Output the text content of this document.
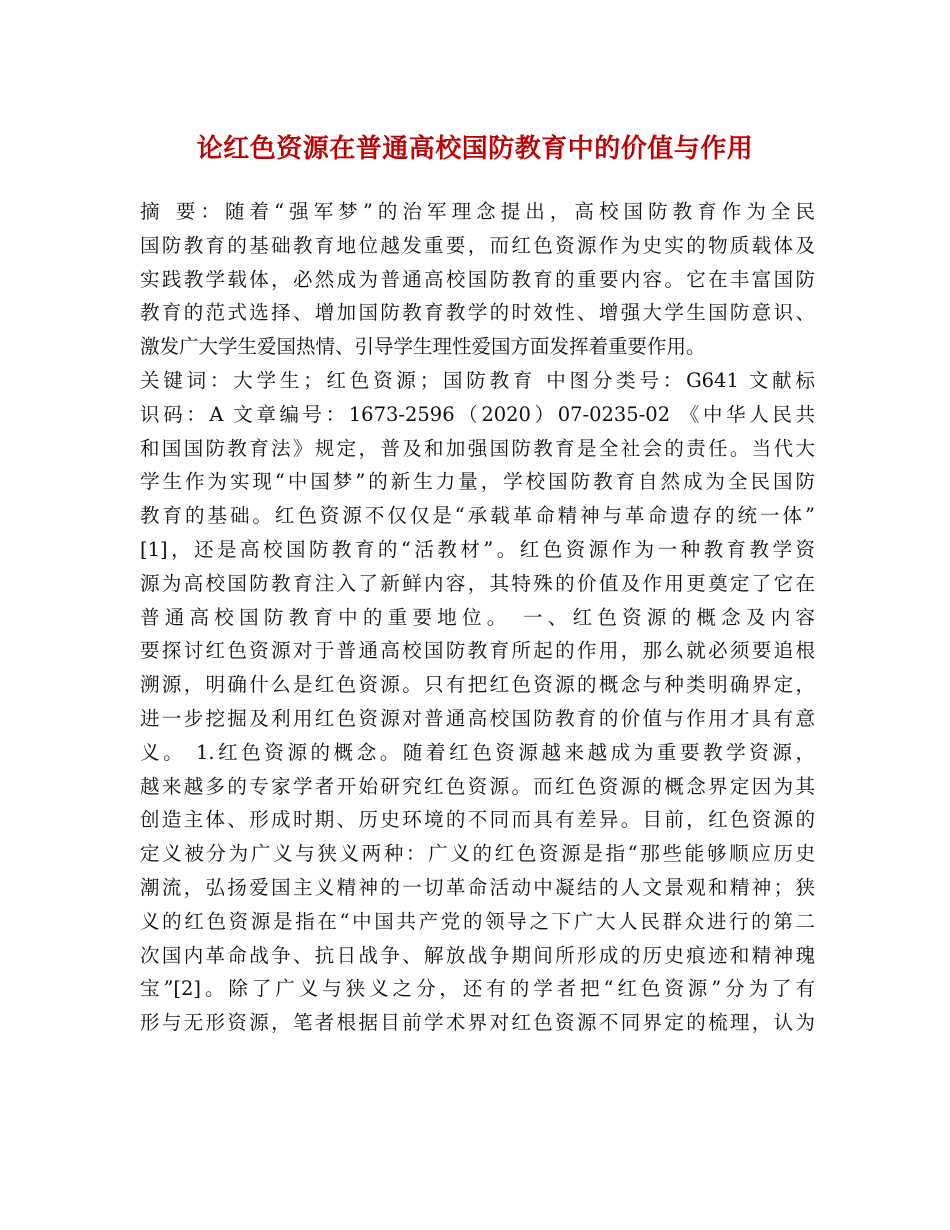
论红色资源在普通高校国防教育中的价值与作用
摘 要：随着“强军梦”的治军理念提出，高校国防教育作为全民
国防教育的基础教育地位越发重要，而红色资源作为史实的物质载体及
实践教学载体，必然成为普通高校国防教育的重要内容。它在丰富国防
教育的范式选择、增加国防教育教学的时效性、增强大学生国防意识、
激发广大学生爱国热情、引导学生理性爱国方面发挥着重要作用。
关键词：大学生；红色资源；国防教育 中图分类号：G641 文献标
识码：A 文章编号：1673-2596（2020）07-0235-02 《中华人民共
和国国防教育法》规定，普及和加强国防教育是全社会的责任。当代大
学生作为实现“中国梦”的新生力量，学校国防教育自然成为全民国防
教育的基础。红色资源不仅仅是“承载革命精神与革命遗存的统一体”
[1]，还是高校国防教育的“活教材”。红色资源作为一种教育教学资
源为高校国防教育注入了新鲜内容，其特殊的价值及作用更奠定了它在
普通高校国防教育中的重要地位。 一、红色资源的概念及内容
要探讨红色资源对于普通高校国防教育所起的作用，那么就必须要追根
溯源，明确什么是红色资源。只有把红色资源的概念与种类明确界定，
进一步挖掘及利用红色资源对普通高校国防教育的价值与作用才具有意
义。 1.红色资源的概念。随着红色资源越来越成为重要教学资源，
越来越多的专家学者开始研究红色资源。而红色资源的概念界定因为其
创造主体、形成时期、历史环境的不同而具有差异。目前，红色资源的
定义被分为广义与狭义两种：广义的红色资源是指“那些能够顺应历史
潮流，弘扬爱国主义精神的一切革命活动中凝结的人文景观和精神；狭
义的红色资源是指在“中国共产党的领导之下广大人民群众进行的第二
次国内革命战争、抗日战争、解放战争期间所形成的历史痕迹和精神瑰
宝”[2]。除了广义与狭义之分，还有的学者把“红色资源”分为了有
形与无形资源，笔者根据目前学术界对红色资源不同界定的梳理，认为
